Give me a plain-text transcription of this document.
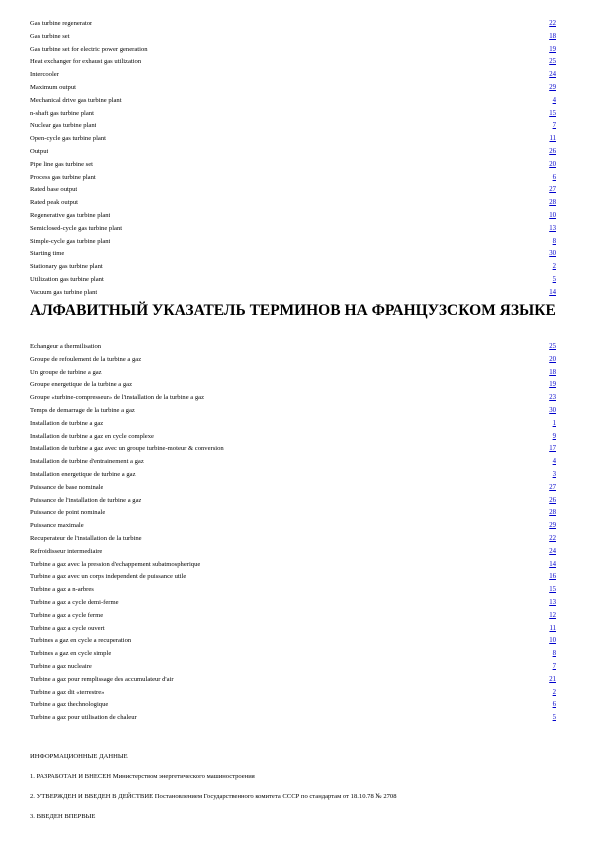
Gas turbine regenerator	22
Gas turbine set	18
Gas turbine set for electric power generation	19
Heat exchanger for exhaust gas utilization	25
Intercooler	24
Maximum output	29
Mechanical drive gas turbine plant	4
n-shaft gas turbine plant	15
Nuclear gas turbine plant	7
Open-cycle gas turbine plant	11
Output	26
Pipe line gas turbine set	20
Process gas turbine plant	6
Rated base output	27
Rated peak output	28
Regenerative gas turbine plant	10
Semiclosed-cycle gas turbine plant	13
Simple-cycle gas turbine plant	8
Starting time	30
Stationary gas turbine plant	2
Utilization gas turbine plant	5
Vacuum gas turbine plant	14
АЛФАВИТНЫЙ УКАЗАТЕЛЬ ТЕРМИНОВ НА ФРАНЦУЗСКОМ ЯЗЫКЕ
Echangeur a thermilisation	25
Groupe de refoulement de la turbine a gaz	20
Un groupe de turbine a gaz	18
Groupe energetique de la turbine a gaz	19
Groupe «turbine-compresseur» de l'installation de la turbine a gaz	23
Temps de demarrage de la turbine a gaz	30
Installation de turbine a gaz	1
Installation de turbine a gaz en cycle complexe	9
Installation de turbine a gaz avec un groupe turbine-moteur & conversion	17
Installation de turbine d'entrainement a gaz	4
Installation energetique de turbine a gaz	3
Puissance de base nominale	27
Puissance de l'installation de turbine a gaz	26
Puissance de point nominale	28
Puissance maximale	29
Recuperateur de l'installation de la turbine	22
Refroidisseur intermediaire	24
Turbine a gaz avec la pression d'echappement subatmospherique	14
Turbine a gaz avec un corps independent de puissance utile	16
Turbine a gaz a n-arbres	15
Turbine a gaz a cycle demi-ferme	13
Turbine a gaz a cycle ferme	12
Turbine a gaz a cycle ouvert	11
Turbines a gaz en cycle a recuperation	10
Turbines a gaz en cycle simple	8
Turbine a gaz nucleaire	7
Turbine a gaz pour remplissage des accumulateur d'air	21
Turbine a gaz dit «terrestre»	2
Turbine a gaz thechnologique	6
Turbine a gaz pour utilisation de chaleur	5
ИНФОРМАЦИОННЫЕ ДАННЫЕ
1. РАЗРАБОТАН И ВНЕСЕН Министерством энергетического машиностроения
2. УТВЕРЖДЕН И ВВЕДЕН В ДЕЙСТВИЕ Постановлением Государственного комитета СССР по стандартам от 18.10.78 № 2708
3. ВВЕДЕН ВПЕРВЫЕ
